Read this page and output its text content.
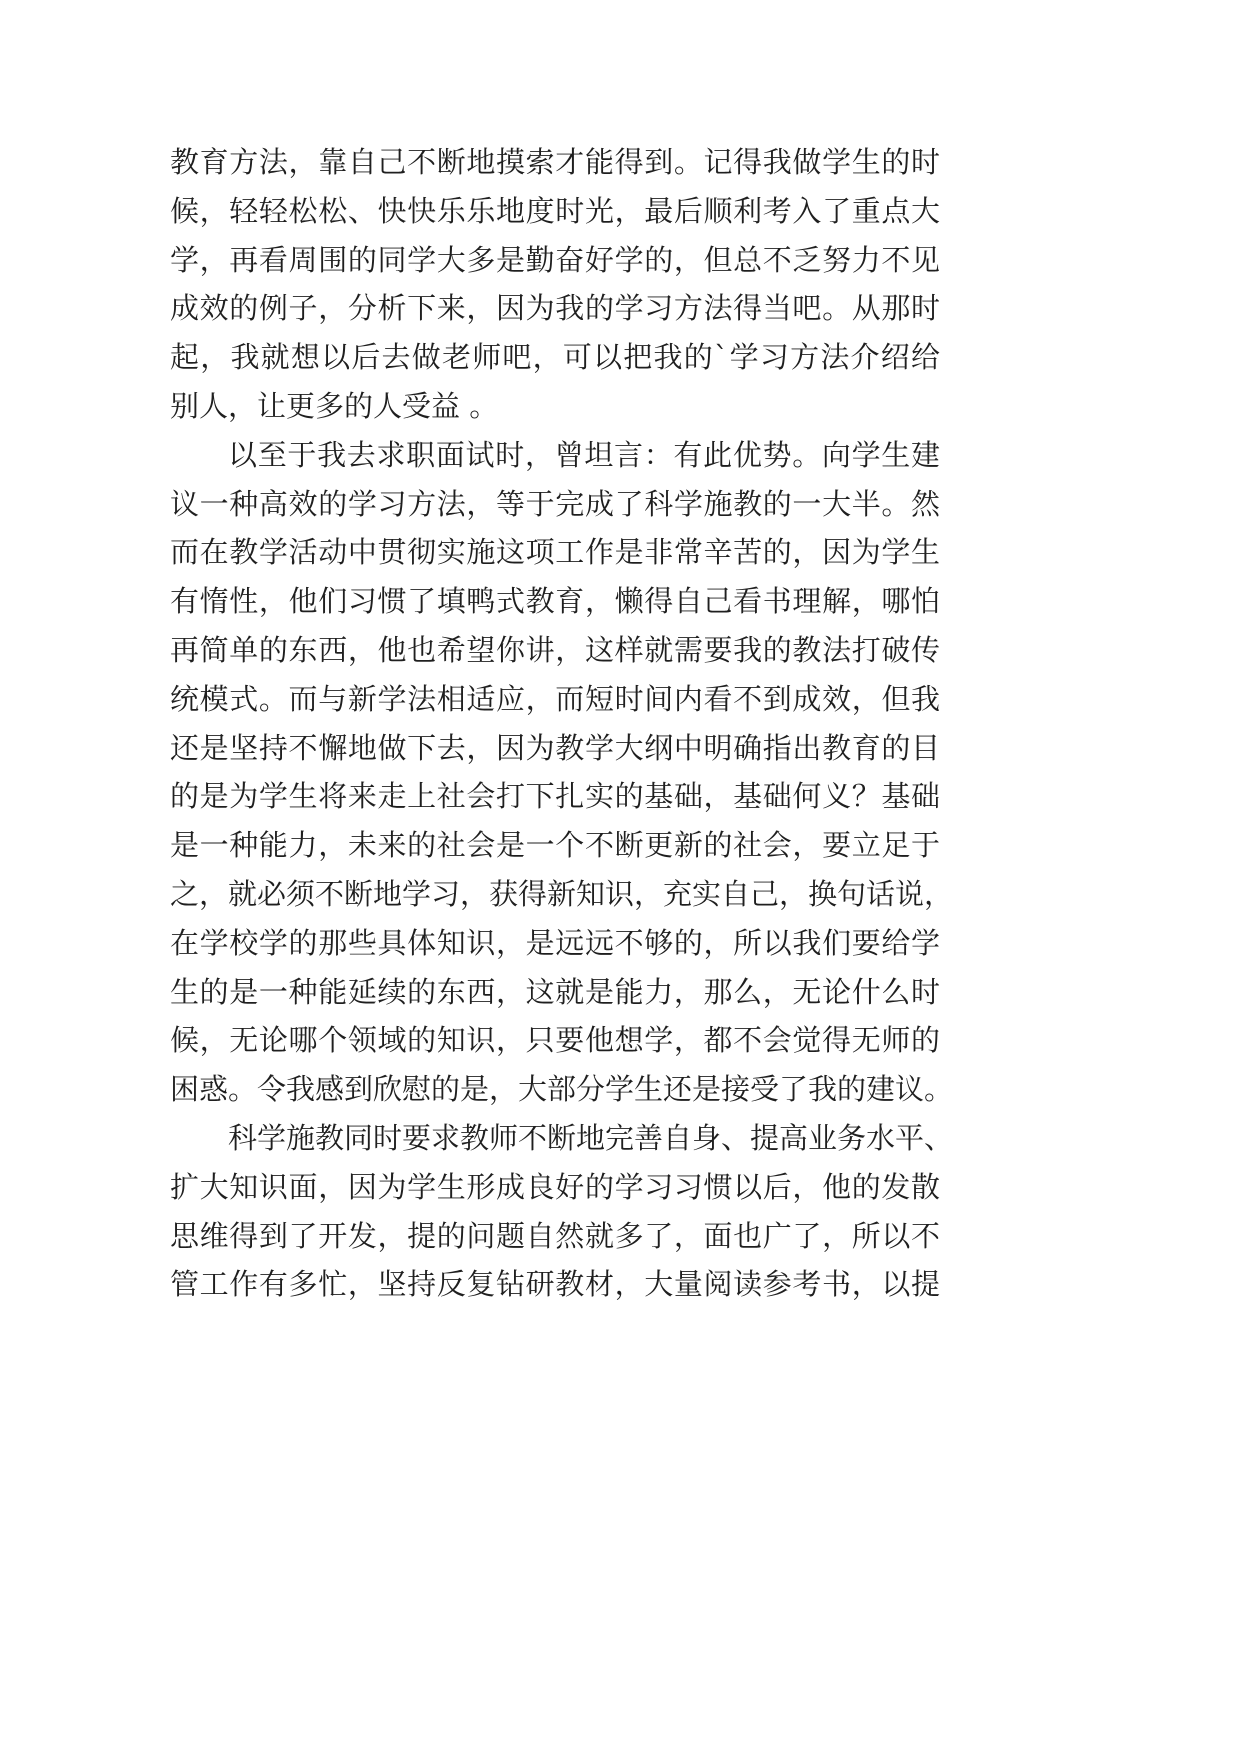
教育方法，靠自己不断地摸索才能得到。记得我做学生的时
候，轻轻松松、快快乐乐地度时光，最后顺利考入了重点大
学，再看周围的同学大多是勤奋好学的，但总不乏努力不见
成效的例子，分析下来，因为我的学习方法得当吧。从那时
起，我就想以后去做老师吧，可以把我的`学习方法介绍给
别人，让更多的人受益 。
以至于我去求职面试时，曾坦言：有此优势。向学生建
议一种高效的学习方法，等于完成了科学施教的一大半。然
而在教学活动中贯彻实施这项工作是非常辛苦的，因为学生
有惰性，他们习惯了填鸭式教育，懒得自己看书理解，哪怕
再简单的东西，他也希望你讲，这样就需要我的教法打破传
统模式。而与新学法相适应，而短时间内看不到成效，但我
还是坚持不懈地做下去，因为教学大纲中明确指出教育的目
的是为学生将来走上社会打下扎实的基础，基础何义？基础
是一种能力，未来的社会是一个不断更新的社会，要立足于
之，就必须不断地学习，获得新知识，充实自己，换句话说，
在学校学的那些具体知识，是远远不够的，所以我们要给学
生的是一种能延续的东西，这就是能力，那么，无论什么时
候，无论哪个领域的知识，只要他想学，都不会觉得无师的
困惑。令我感到欣慰的是，大部分学生还是接受了我的建议。
科学施教同时要求教师不断地完善自身、提高业务水平、
扩大知识面，因为学生形成良好的学习习惯以后，他的发散
思维得到了开发，提的问题自然就多了，面也广了，所以不
管工作有多忙，坚持反复钻研教材，大量阅读参考书，以提
